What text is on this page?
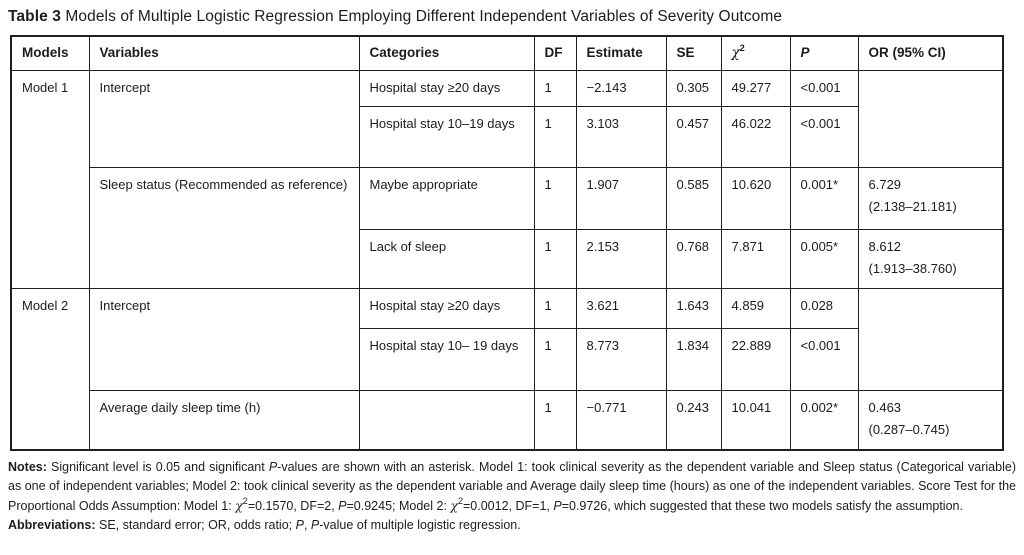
Table 3 Models of Multiple Logistic Regression Employing Different Independent Variables of Severity Outcome
Models	Variables	Categories	DF	Estimate	SE	$\chi^2$	P	OR (95% CI)
Model 1	Intercept	Hospital stay ≥20 days	1	−2.143	0.305	49.277	<0.001	
		Hospital stay 10–19 days	1	3.103	0.457	46.022	<0.001	
	Sleep status (Recommended as reference)	Maybe appropriate	1	1.907	0.585	10.620	0.001*	6.729
(2.138–21.181)

		Lack of sleep	1	2.153	0.768	7.871	0.005*	8.612
(1.913–38.760)

Model 2	Intercept	Hospital stay ≥20 days	1	3.621	1.643	4.859	0.028	
		Hospital stay 10– 19 days	1	8.773	1.834	22.889	<0.001	
	Average daily sleep time (h)		1	−0.771	0.243	10.041	0.002*	0.463
(0.287–0.745)

Notes: Significant level is 0.05 and significant P-values are shown with an asterisk. Model 1: took clinical severity as the dependent variable and Sleep status (Categorical variable) as one of independent variables; Model 2: took clinical severity as the dependent variable and Average daily sleep time (hours) as one of the independent variables. Score Test for the Proportional Odds Assumption: Model 1: $\chi^2=0.1570$, DF=2, P=0.9245; Model 2: $\chi^2=0.0012$, DF=1, P=0.9726, which suggested that these two models satisfy the assumption.

Abbreviations: SE, standard error; OR, odds ratio; P, P-value of multiple logistic regression.
